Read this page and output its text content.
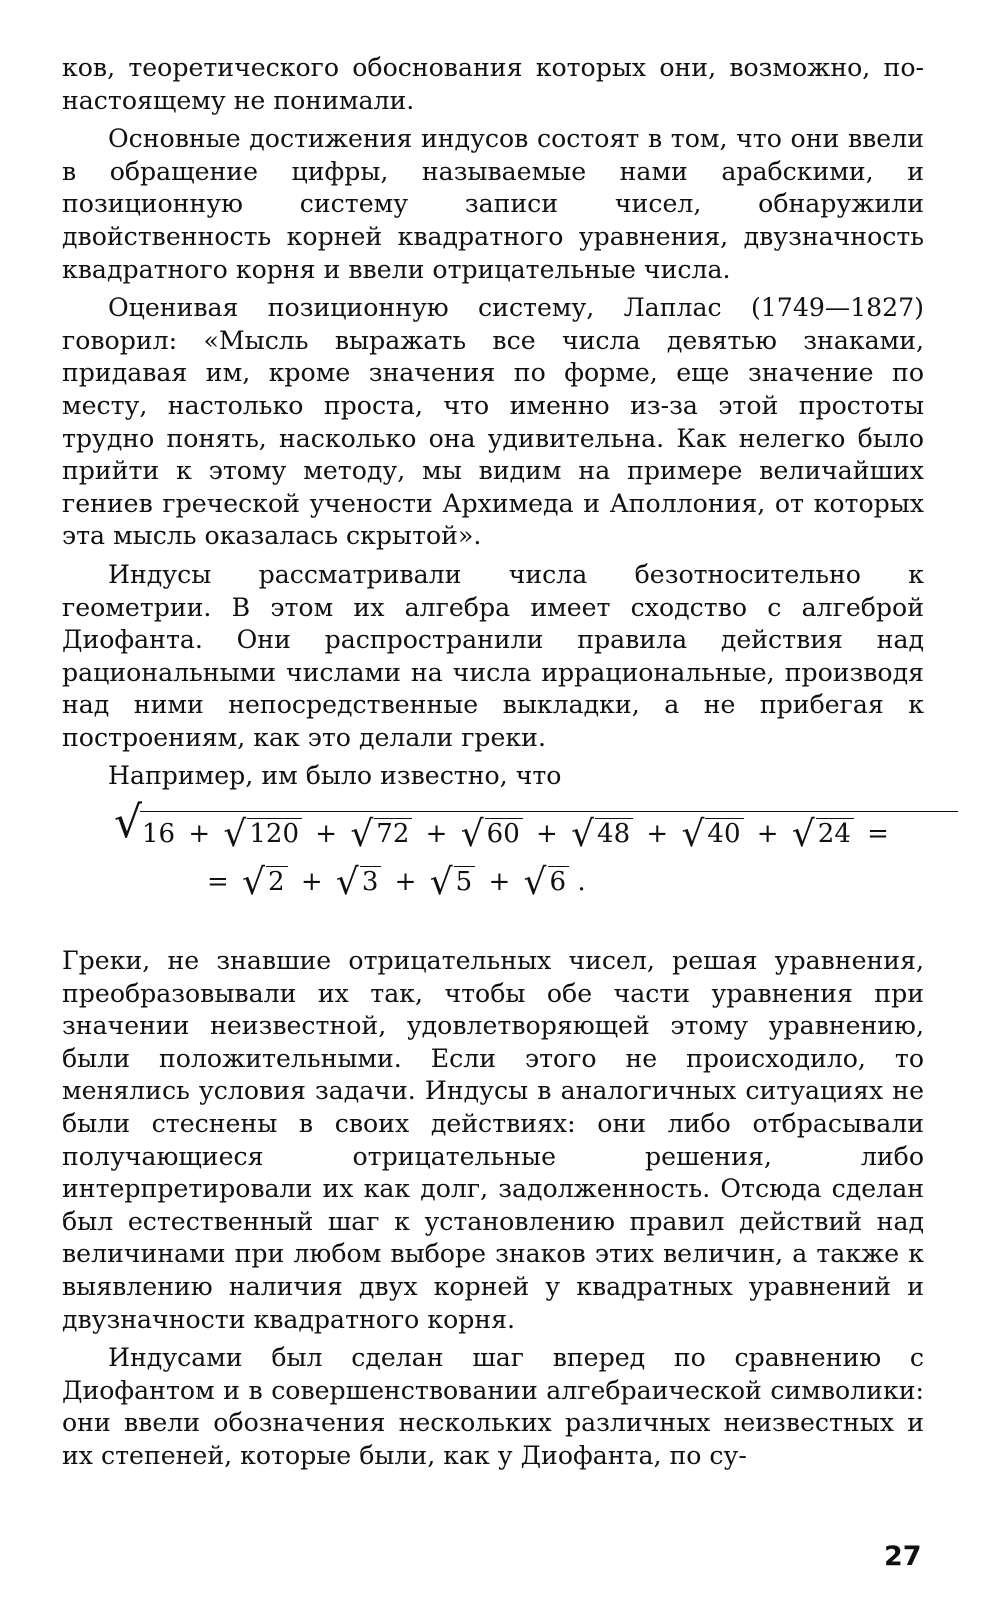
ков, теоретического обоснования которых они, возможно, по-настоящему не понимали.

Основные достижения индусов состоят в том, что они ввели в обращение цифры, называемые нами арабскими, и позиционную систему записи чисел, обнаружили двойственность корней квадратного уравнения, двузначность квадратного корня и ввели отрицательные числа.

Оценивая позиционную систему, Лаплас (1749—1827) говорил: «Мысль выражать все числа девятью знаками, придавая им, кроме значения по форме, еще значение по месту, настолько проста, что именно из-за этой простоты трудно понять, насколько она удивительна. Как нелегко было прийти к этому методу, мы видим на примере величайших гениев греческой учености Архимеда и Аполлония, от которых эта мысль оказалась скрытой».

Индусы рассматривали числа безотносительно к геометрии. В этом их алгебра имеет сходство с алгеброй Диофанта. Они распространили правила действия над рациональными числами на числа иррациональные, производя над ними непосредственные выкладки, а не прибегая к построениям, как это делали греки.

Например, им было известно, что

√ 16 + √ 120 + √ 72 + √ 60 + √ 48 + √ 40 + √ 24 =
= √ 2 + √ 3 + √ 5 + √ 6 .

Греки, не знавшие отрицательных чисел, решая уравнения, преобразовывали их так, чтобы обе части уравнения при значении неизвестной, удовлетворяющей этому уравнению, были положительными. Если этого не происходило, то менялись условия задачи. Индусы в аналогичных ситуациях не были стеснены в своих действиях: они либо отбрасывали получающиеся отрицательные решения, либо интерпретировали их как долг, задолженность. Отсюда сделан был естественный шаг к установлению правил действий над величинами при любом выборе знаков этих величин, а также к выявлению наличия двух корней у квадратных уравнений и двузначности квадратного корня.

Индусами был сделан шаг вперед по сравнению с Диофантом и в совершенствовании алгебраической символики: они ввели обозначения нескольких различных неизвестных и их степеней, которые были, как у Диофанта, по су-

27
